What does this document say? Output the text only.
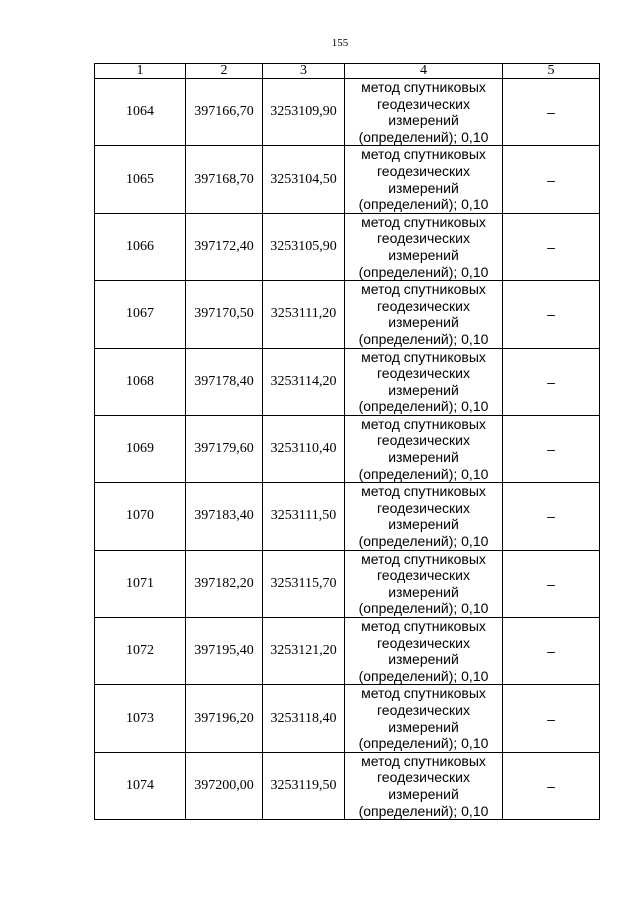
155
1	2	3	4	5
1064	397166,70	3253109,90	метод спутниковых
геодезических
измерений
(определений); 0,10	–
1065	397168,70	3253104,50	метод спутниковых
геодезических
измерений
(определений); 0,10	–
1066	397172,40	3253105,90	метод спутниковых
геодезических
измерений
(определений); 0,10	–
1067	397170,50	3253111,20	метод спутниковых
геодезических
измерений
(определений); 0,10	–
1068	397178,40	3253114,20	метод спутниковых
геодезических
измерений
(определений); 0,10	–
1069	397179,60	3253110,40	метод спутниковых
геодезических
измерений
(определений); 0,10	–
1070	397183,40	3253111,50	метод спутниковых
геодезических
измерений
(определений); 0,10	–
1071	397182,20	3253115,70	метод спутниковых
геодезических
измерений
(определений); 0,10	–
1072	397195,40	3253121,20	метод спутниковых
геодезических
измерений
(определений); 0,10	–
1073	397196,20	3253118,40	метод спутниковых
геодезических
измерений
(определений); 0,10	–
1074	397200,00	3253119,50	метод спутниковых
геодезических
измерений
(определений); 0,10	–
